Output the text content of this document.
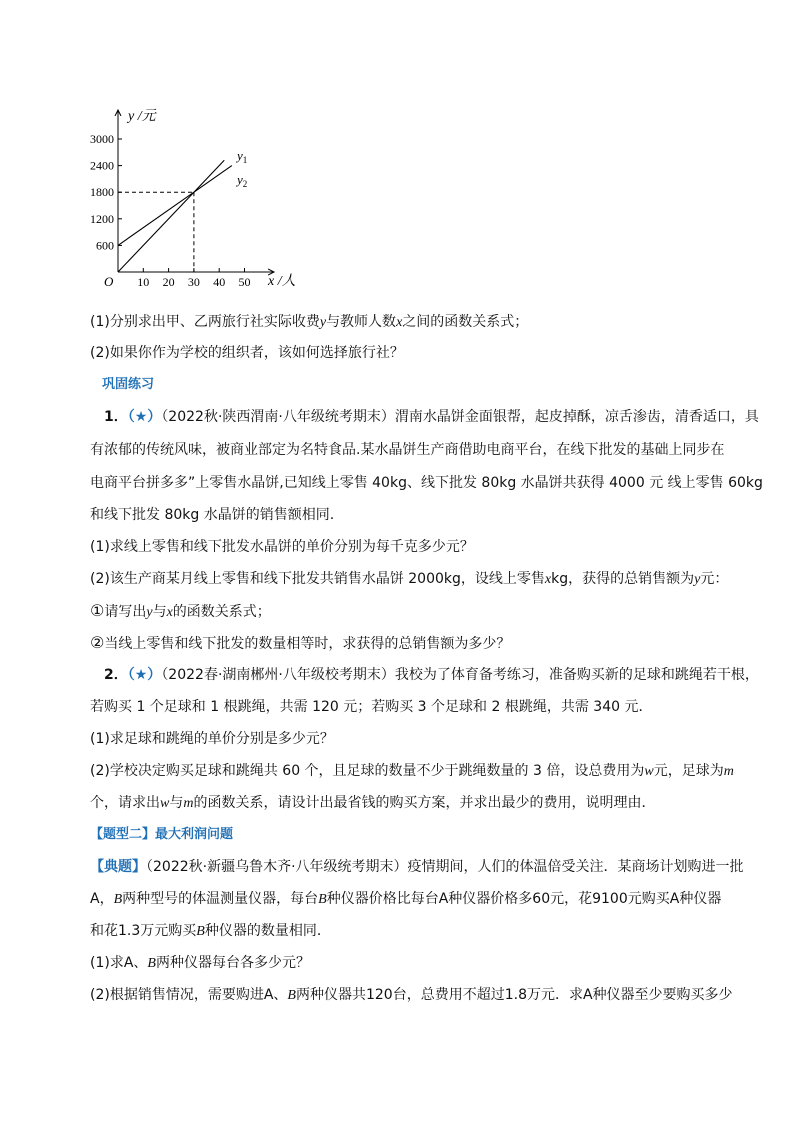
10 20 30 40 50
600
1200
1800
2400
3000
y /元
x /人
O
$y_1$
$y_2$
(1)分别求出甲、乙两旅行社实际收费y与教师人数x之间的函数关系式；
(2)如果你作为学校的组织者，该如何选择旅行社？
巩固练习
1．（★）（2022秋·陕西渭南·八年级统考期末）渭南水晶饼金面银帮，起皮掉酥，凉舌渗齿，清香适口，具
有浓郁的传统风味，被商业部定为名特食品.某水晶饼生产商借助电商平台，在线下批发的基础上同步在
电商平台拼多多”上零售水晶饼,已知线上零售 40kg、线下批发 80kg 水晶饼共获得 4000 元 线上零售 60kg
和线下批发 80kg 水晶饼的销售额相同.
(1)求线上零售和线下批发水晶饼的单价分别为每千克多少元？
(2)该生产商某月线上零售和线下批发共销售水晶饼 2000kg，设线上零售xkg，获得的总销售额为y元：
①请写出y与x的函数关系式；
②当线上零售和线下批发的数量相等时，求获得的总销售额为多少？
2．（★）（2022春·湖南郴州·八年级校考期末）我校为了体育备考练习，准备购买新的足球和跳绳若干根，
若购买 1 个足球和 1 根跳绳，共需 120 元；若购买 3 个足球和 2 根跳绳，共需 340 元．
(1)求足球和跳绳的单价分别是多少元？
(2)学校决定购买足球和跳绳共 60 个，且足球的数量不少于跳绳数量的 3 倍，设总费用为w元，足球为m
个，请求出w与m的函数关系，请设计出最省钱的购买方案，并求出最少的费用，说明理由．
【题型二】最大利润问题
【典题】（2022秋·新疆乌鲁木齐·八年级统考期末）疫情期间，人们的体温倍受关注．某商场计划购进一批
A，B两种型号的体温测量仪器，每台B种仪器价格比每台A种仪器价格多60元，花9100元购买A种仪器
和花1.3万元购买B种仪器的数量相同．
(1)求A、B两种仪器每台各多少元？
(2)根据销售情况，需要购进A、B两种仪器共120台，总费用不超过1.8万元．求A种仪器至少要购买多少
